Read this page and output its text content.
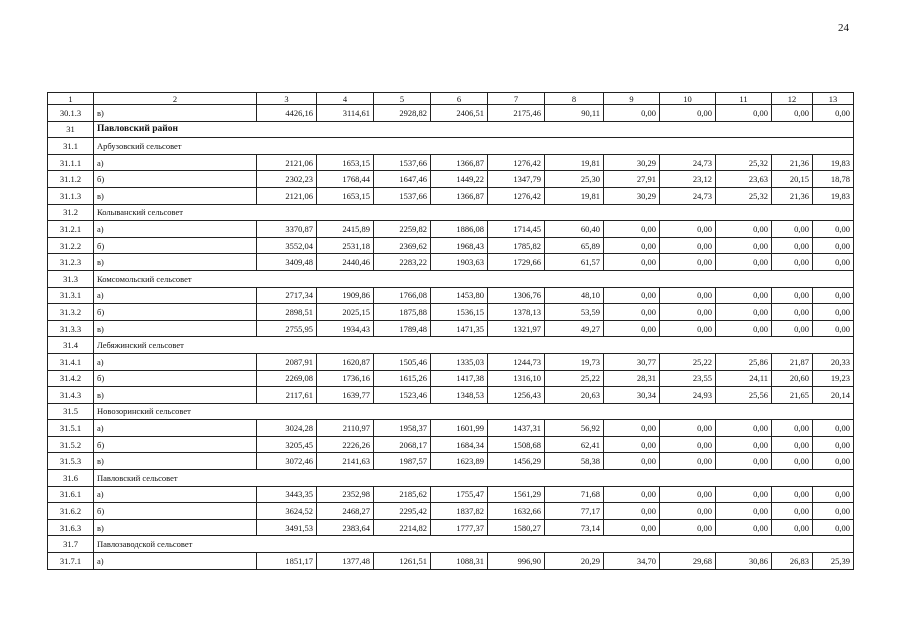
24
1	2	3	4	5	6	7	8	9	10	11	12	13
30.1.3	в)	4426,16	3114,61	2928,82	2406,51	2175,46	90,11	0,00	0,00	0,00	0,00	0,00
31	Павловский район											
31.1	Арбузовский сельсовет											
31.1.1	а)	2121,06	1653,15	1537,66	1366,87	1276,42	19,81	30,29	24,73	25,32	21,36	19,83
31.1.2	б)	2302,23	1768,44	1647,46	1449,22	1347,79	25,30	27,91	23,12	23,63	20,15	18,78
31.1.3	в)	2121,06	1653,15	1537,66	1366,87	1276,42	19,81	30,29	24,73	25,32	21,36	19,83
31.2	Колыванский сельсовет											
31.2.1	а)	3370,87	2415,89	2259,82	1886,08	1714,45	60,40	0,00	0,00	0,00	0,00	0,00
31.2.2	б)	3552,04	2531,18	2369,62	1968,43	1785,82	65,89	0,00	0,00	0,00	0,00	0,00
31.2.3	в)	3409,48	2440,46	2283,22	1903,63	1729,66	61,57	0,00	0,00	0,00	0,00	0,00
31.3	Комсомольский сельсовет											
31.3.1	а)	2717,34	1909,86	1766,08	1453,80	1306,76	48,10	0,00	0,00	0,00	0,00	0,00
31.3.2	б)	2898,51	2025,15	1875,88	1536,15	1378,13	53,59	0,00	0,00	0,00	0,00	0,00
31.3.3	в)	2755,95	1934,43	1789,48	1471,35	1321,97	49,27	0,00	0,00	0,00	0,00	0,00
31.4	Лебяжинский сельсовет											
31.4.1	а)	2087,91	1620,87	1505,46	1335,03	1244,73	19,73	30,77	25,22	25,86	21,87	20,33
31.4.2	б)	2269,08	1736,16	1615,26	1417,38	1316,10	25,22	28,31	23,55	24,11	20,60	19,23
31.4.3	в)	2117,61	1639,77	1523,46	1348,53	1256,43	20,63	30,34	24,93	25,56	21,65	20,14
31.5	Новозоринский сельсовет											
31.5.1	а)	3024,28	2110,97	1958,37	1601,99	1437,31	56,92	0,00	0,00	0,00	0,00	0,00
31.5.2	б)	3205,45	2226,26	2068,17	1684,34	1508,68	62,41	0,00	0,00	0,00	0,00	0,00
31.5.3	в)	3072,46	2141,63	1987,57	1623,89	1456,29	58,38	0,00	0,00	0,00	0,00	0,00
31.6	Павловский сельсовет											
31.6.1	а)	3443,35	2352,98	2185,62	1755,47	1561,29	71,68	0,00	0,00	0,00	0,00	0,00
31.6.2	б)	3624,52	2468,27	2295,42	1837,82	1632,66	77,17	0,00	0,00	0,00	0,00	0,00
31.6.3	в)	3491,53	2383,64	2214,82	1777,37	1580,27	73,14	0,00	0,00	0,00	0,00	0,00
31.7	Павлозаводской сельсовет											
31.7.1	а)	1851,17	1377,48	1261,51	1088,31	996,90	20,29	34,70	29,68	30,86	26,83	25,39
